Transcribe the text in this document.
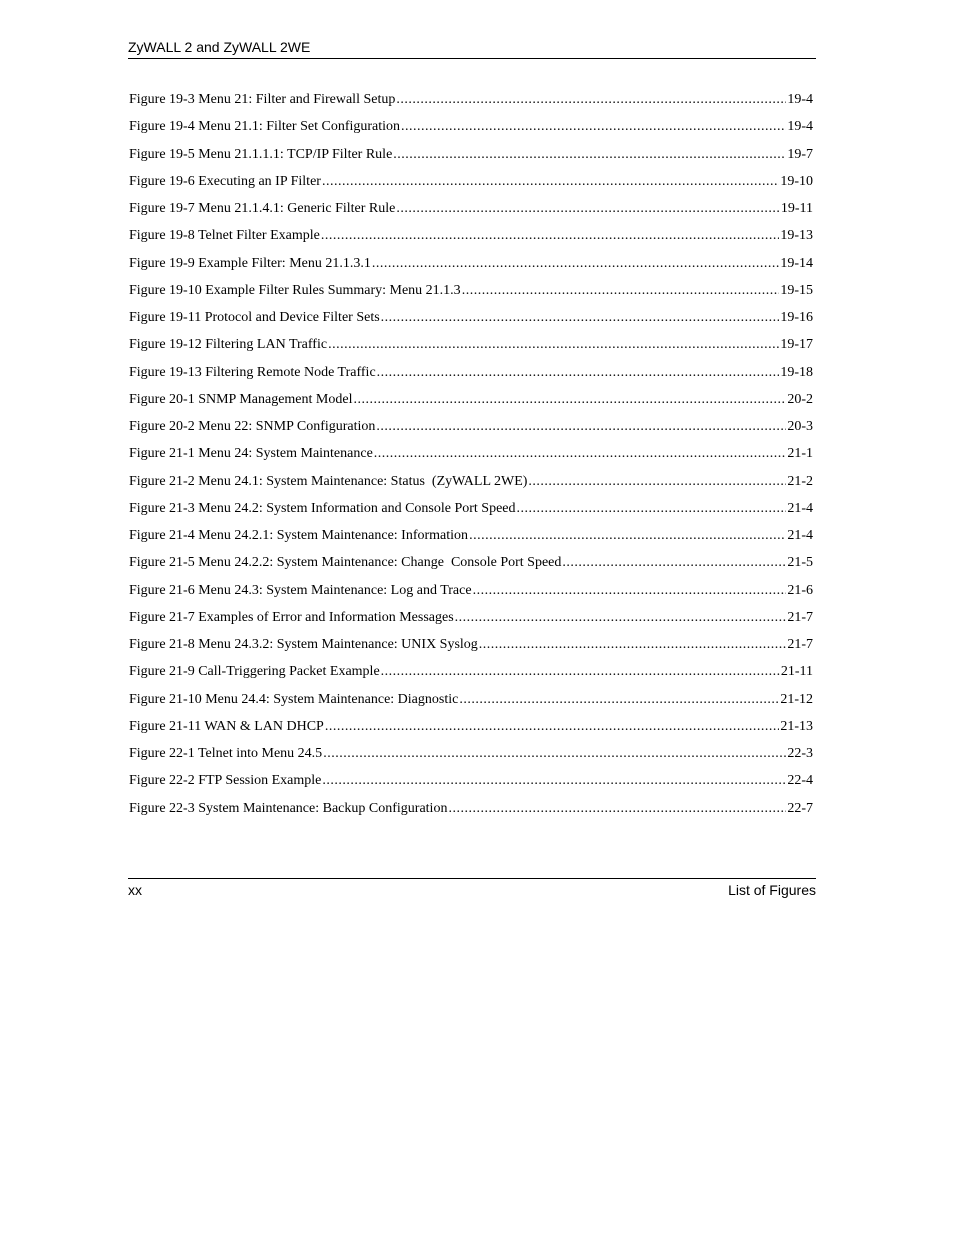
ZyWALL 2 and ZyWALL 2WE
Figure 19-3 Menu 21: Filter and Firewall Setup .....	19-4
Figure 19-4 Menu 21.1: Filter Set Configuration .....	19-4
Figure 19-5 Menu 21.1.1.1: TCP/IP Filter Rule .....	19-7
Figure 19-6 Executing an IP Filter .....	19-10
Figure 19-7 Menu 21.1.4.1: Generic Filter Rule .....	19-11
Figure 19-8 Telnet Filter Example .....	19-13
Figure 19-9 Example Filter: Menu 21.1.3.1 .....	19-14
Figure 19-10 Example Filter Rules Summary: Menu 21.1.3 .....	19-15
Figure 19-11 Protocol and Device Filter Sets .....	19-16
Figure 19-12 Filtering LAN Traffic .....	19-17
Figure 19-13 Filtering Remote Node Traffic .....	19-18
Figure 20-1 SNMP Management Model .....	20-2
Figure 20-2 Menu 22: SNMP Configuration .....	20-3
Figure 21-1 Menu 24: System Maintenance .....	21-1
Figure 21-2 Menu 24.1: System Maintenance: Status  (ZyWALL 2WE) .....	21-2
Figure 21-3 Menu 24.2: System Information and Console Port Speed .....	21-4
Figure 21-4 Menu 24.2.1: System Maintenance: Information .....	21-4
Figure 21-5 Menu 24.2.2: System Maintenance: Change  Console Port Speed .....	21-5
Figure 21-6 Menu 24.3: System Maintenance: Log and Trace .....	21-6
Figure 21-7 Examples of Error and Information Messages .....	21-7
Figure 21-8 Menu 24.3.2: System Maintenance: UNIX Syslog .....	21-7
Figure 21-9 Call-Triggering Packet Example .....	21-11
Figure 21-10 Menu 24.4: System Maintenance: Diagnostic .....	21-12
Figure 21-11 WAN & LAN DHCP .....	21-13
Figure 22-1 Telnet into Menu 24.5 .....	22-3
Figure 22-2 FTP Session Example .....	22-4
Figure 22-3 System Maintenance: Backup Configuration .....	22-7
xx	List of Figures
